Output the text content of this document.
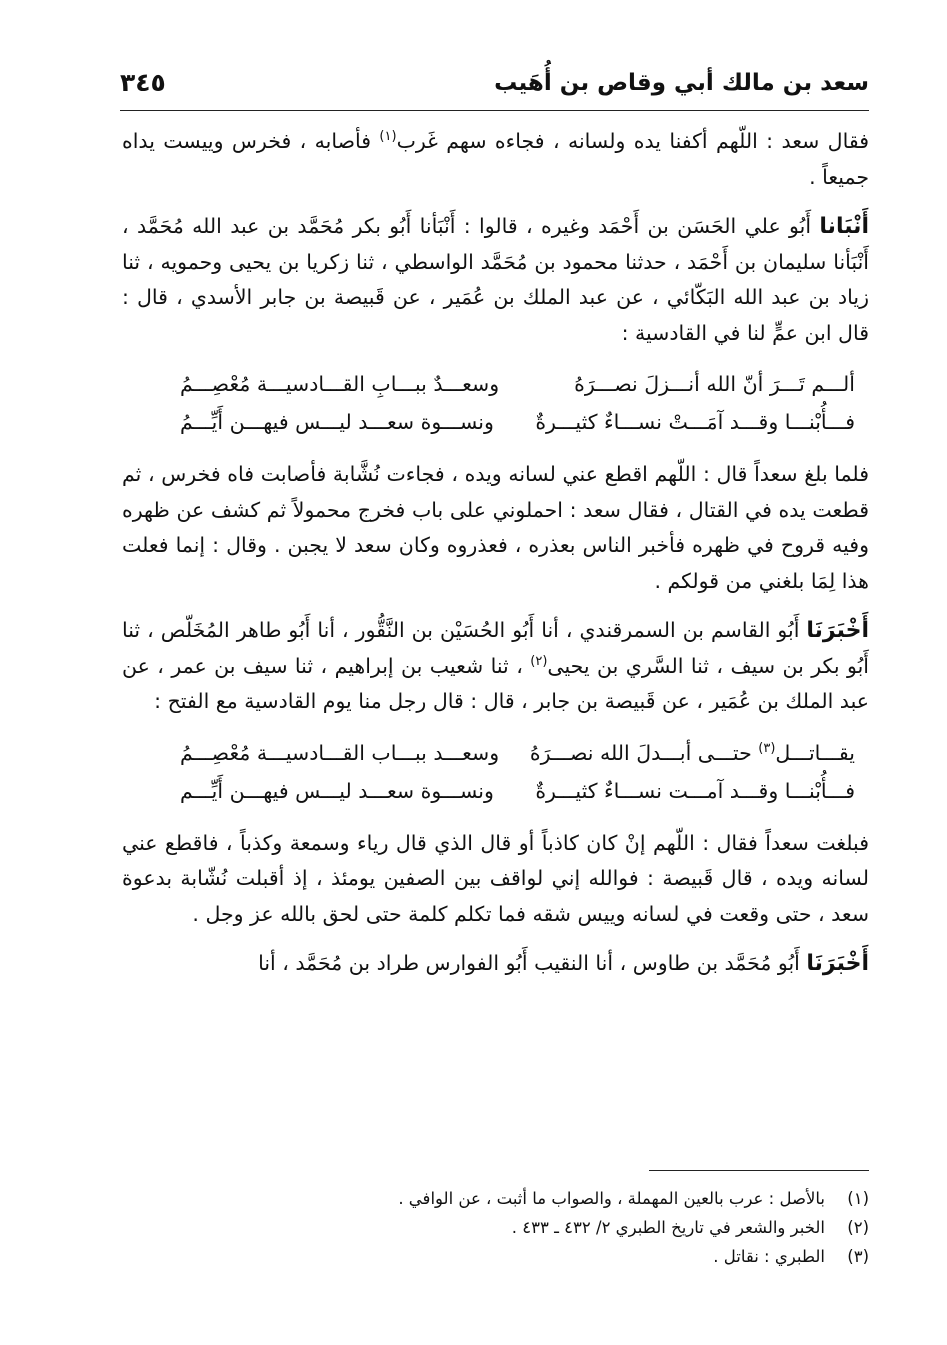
سعد بن مالك أبي وقاص بن أُهَيب
٣٤٥

فقال سعد : اللّهم أكفنا يده ولسانه ، فجاءه سهم غَرب$^{(١)}$ فأصابه ، فخرس وييست يداه جميعاً .

أَنْبَانا أَبُو علي الحَسَن بن أَحْمَد وغيره ، قالوا : أَنْبَأنا أَبُو بكر مُحَمَّد بن عبد الله مُحَمَّد ، أَنْبَأنا سليمان بن أَحْمَد ، حدثنا محمود بن مُحَمَّد الواسطي ، ثنا زكريا بن يحيى وحمويه ، ثنا زياد بن عبد الله البَكّائي ، عن عبد الملك بن عُمَير ، عن قَبيصة بن جابر الأسدي ، قال : قال ابن عمٍّ لنا في القادسية :

ألـــم تَـــرَ أنّ الله أنـــزلَ نصـــرَهُ
وسعـــدٌ ببـــابِ القـــادسيـــة مُعْصِـــمُ
فـــأُبْنـــا وقـــد آمَـــتْ نســـاءٌ كثيـــرةٌ
ونســـوة سعـــد ليـــس فيهـــن أَيِّـــمُ

فلما بلغ سعداً قال : اللّهم اقطع عني لسانه ويده ، فجاءت نُشَّابة فأصابت فاه فخرس ، ثم قطعت يده في القتال ، فقال سعد : احملوني على باب فخرج محمولاً ثم كشف عن ظهره وفيه قروح في ظهره فأخبر الناس بعذره ، فعذروه وكان سعد لا يجبن . وقال : إنما فعلت هذا لِمَا بلغني من قولكم .

أَخْبَرَنَا أَبُو القاسم بن السمرقندي ، أنا أَبُو الحُسَيْن بن النَّقُّور ، أنا أَبُو طاهر المُخَلّص ، ثنا أَبُو بكر بن سيف ، ثنا السَّري بن يحيى$^{(٢)}$ ، ثنا شعيب بن إبراهيم ، ثنا سيف بن عمر ، عن عبد الملك بن عُمَير ، عن قَبيصة بن جابر ، قال : قال رجل منا يوم القادسية مع الفتح :

يقـــاتـــل$^{(٣)}$ حتـــى أبـــدلَ الله نصـــرَهُ
وسعـــد ببـــاب القـــادسيـــة مُعْصِـــمُ
فـــأُبْنـــا وقـــد آمـــت نســـاءٌ كثيـــرةٌ
ونســـوة سعـــد ليـــس فيهـــن أَيِّـــم

فبلغت سعداً فقال : اللّهم إنْ كان كاذباً أو قال الذي قال رياء وسمعة وكذباً ، فاقطع عني لسانه ويده ، قال قَبيصة : فوالله إني لواقف بين الصفين يومئذ ، إذ أقبلت نُشّابة بدعوة سعد ، حتى وقعت في لسانه وييس شقه فما تكلم كلمة حتى لحق بالله عز وجل .

أَخْبَرَنَا أَبُو مُحَمَّد بن طاوس ، أنا النقيب أَبُو الفوارس طراد بن مُحَمَّد ، أنا

(١)
بالأصل : عرب بالعين المهملة ، والصواب ما أثبت ، عن الوافي .
(٢)
الخبر والشعر في تاريخ الطبري ٢/ ٤٣٢ ـ ٤٣٣ .
(٣)
الطبري : نقاتل .
